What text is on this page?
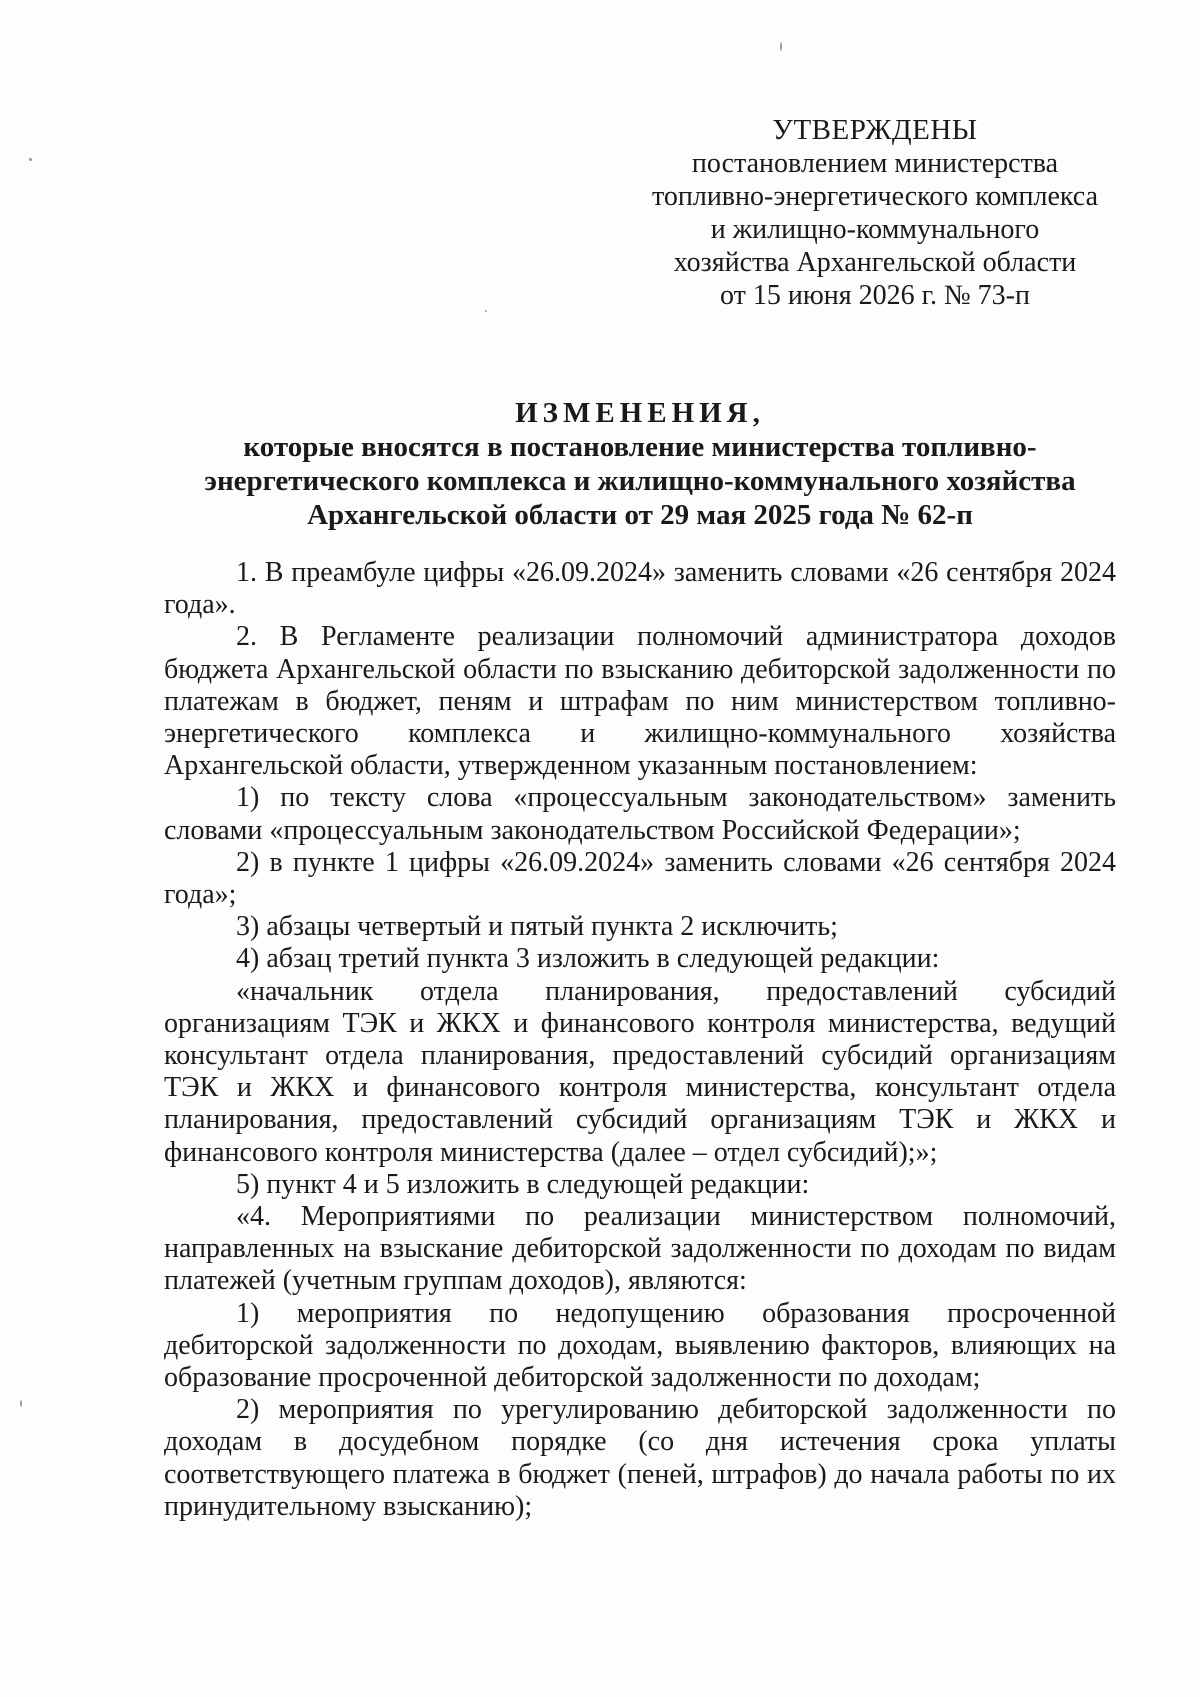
УТВЕРЖДЕНЫ
постановлением министерства
топливно-энергетического комплекса
и жилищно-коммунального
хозяйства Архангельской области
от 15 июня 2026 г. № 73-п
ИЗМЕНЕНИЯ,
которые вносятся в постановление министерства топливно-
энергетического комплекса и жилищно-коммунального хозяйства
Архангельской области от 29 мая 2025 года № 62-п

1. В преамбуле цифры «26.09.2024» заменить словами «26 сентября 2024 года».

2. В Регламенте реализации полномочий администратора доходов бюджета Архангельской области по взысканию дебиторской задолженности по платежам в бюджет, пеням и штрафам по ним министерством топливно-энергетического комплекса и жилищно-коммунального хозяйства Архангельской области, утвержденном указанным постановлением:

1) по тексту слова «процессуальным законодательством» заменить словами «процессуальным законодательством Российской Федерации»;

2) в пункте 1 цифры «26.09.2024» заменить словами «26 сентября 2024 года»;

3) абзацы четвертый и пятый пункта 2 исключить;

4) абзац третий пункта 3 изложить в следующей редакции:

«начальник отдела планирования, предоставлений субсидий организациям ТЭК и ЖКХ и финансового контроля министерства, ведущий консультант отдела планирования, предоставлений субсидий организациям ТЭК и ЖКХ и финансового контроля министерства, консультант отдела планирования, предоставлений субсидий организациям ТЭК и ЖКХ и финансового контроля министерства (далее – отдел субсидий);»;

5) пункт 4 и 5 изложить в следующей редакции:

«4. Мероприятиями по реализации министерством полномочий, направленных на взыскание дебиторской задолженности по доходам по видам платежей (учетным группам доходов), являются:

1) мероприятия по недопущению образования просроченной дебиторской задолженности по доходам, выявлению факторов, влияющих на образование просроченной дебиторской задолженности по доходам;

2) мероприятия по урегулированию дебиторской задолженности по доходам в досудебном порядке (со дня истечения срока уплаты соответствующего платежа в бюджет (пеней, штрафов) до начала работы по их принудительному взысканию);
